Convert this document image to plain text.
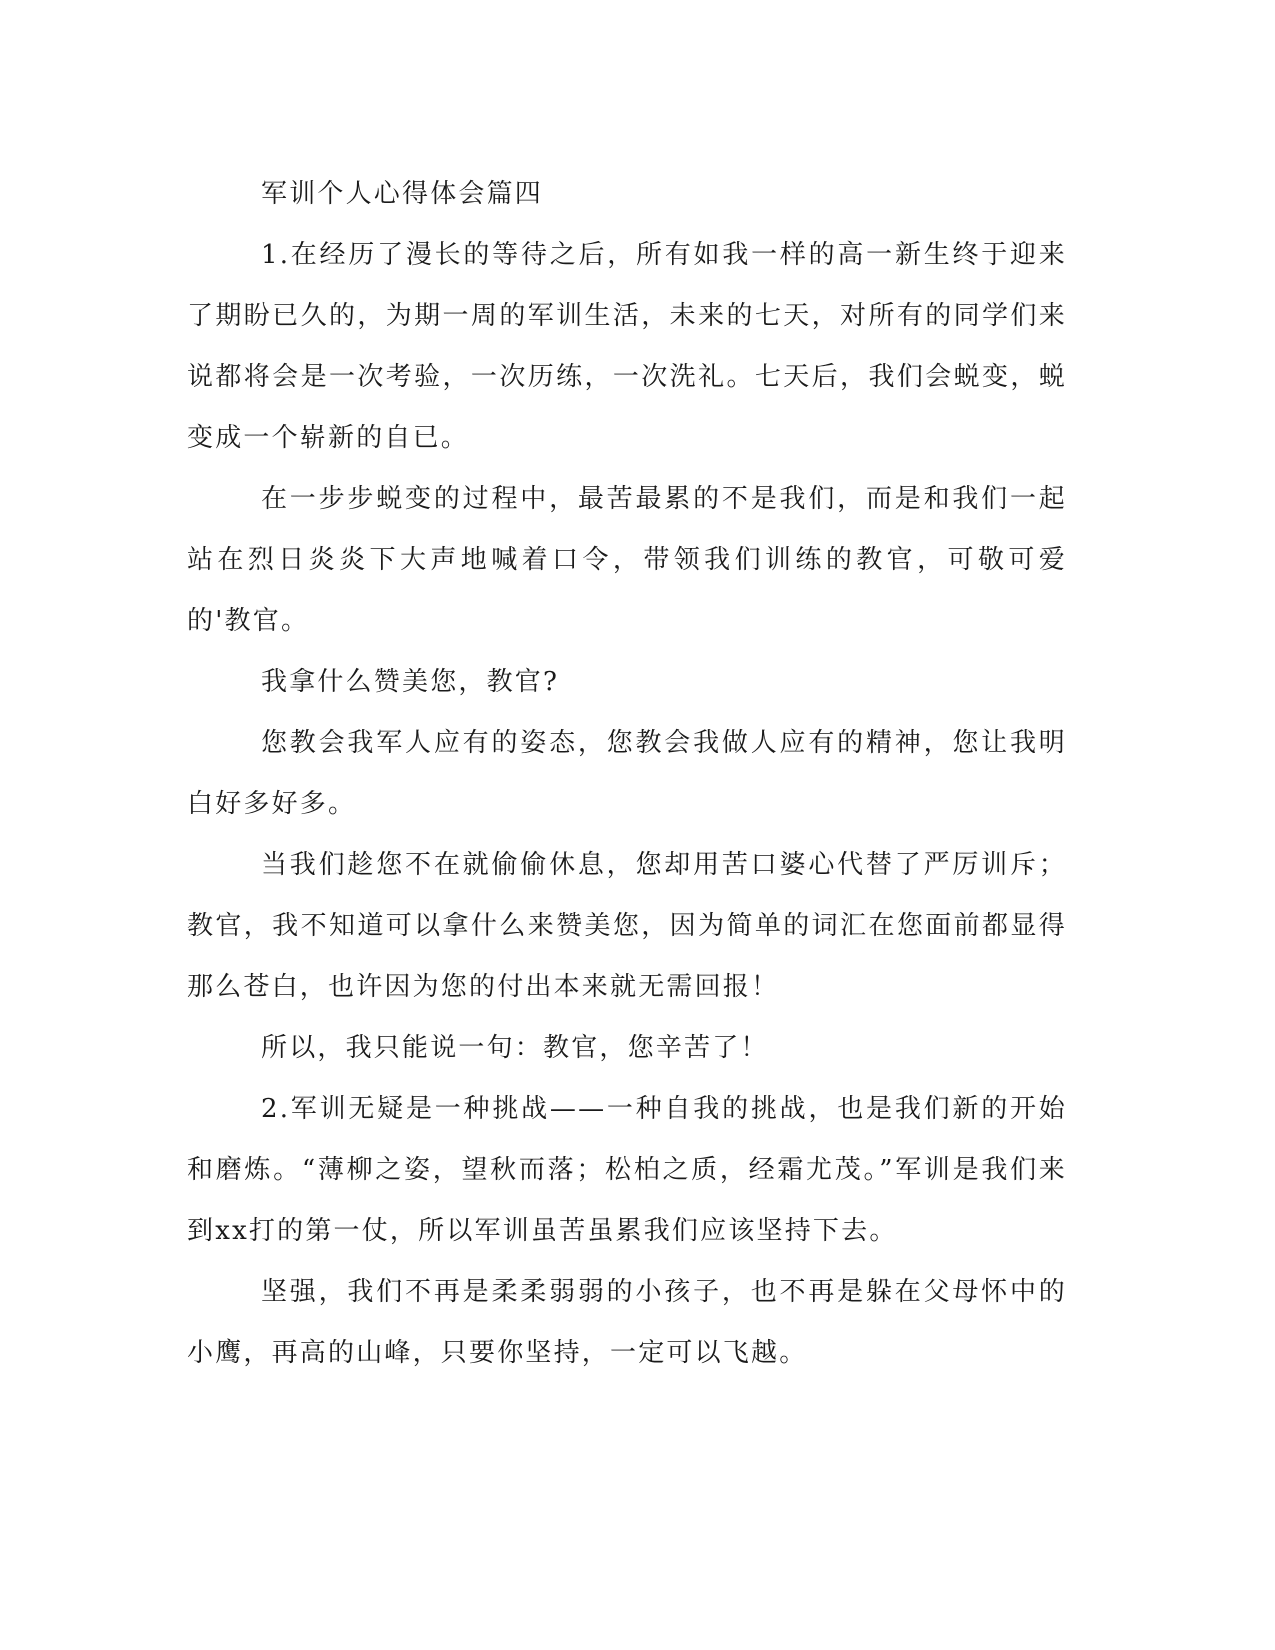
军训个人心得体会篇四

1.在经历了漫长的等待之后，所有如我一样的高一新生终于迎来了期盼已久的，为期一周的军训生活，未来的七天，对所有的同学们来说都将会是一次考验，一次历练，一次洗礼。七天后，我们会蜕变，蜕变成一个崭新的自已。

在一步步蜕变的过程中，最苦最累的不是我们，而是和我们一起站在烈日炎炎下大声地喊着口令，带领我们训练的教官，可敬可爱的'教官。

我拿什么赞美您，教官?

您教会我军人应有的姿态，您教会我做人应有的精神，您让我明白好多好多。

当我们趁您不在就偷偷休息，您却用苦口婆心代替了严厉训斥；教官，我不知道可以拿什么来赞美您，因为简单的词汇在您面前都显得那么苍白，也许因为您的付出本来就无需回报！

所以，我只能说一句：教官，您辛苦了！

2.军训无疑是一种挑战——一种自我的挑战，也是我们新的开始和磨炼。“薄柳之姿，望秋而落；松柏之质，经霜尤茂。”军训是我们来到xx打的第一仗，所以军训虽苦虽累我们应该坚持下去。

坚强，我们不再是柔柔弱弱的小孩子，也不再是躲在父母怀中的小鹰，再高的山峰，只要你坚持，一定可以飞越。
